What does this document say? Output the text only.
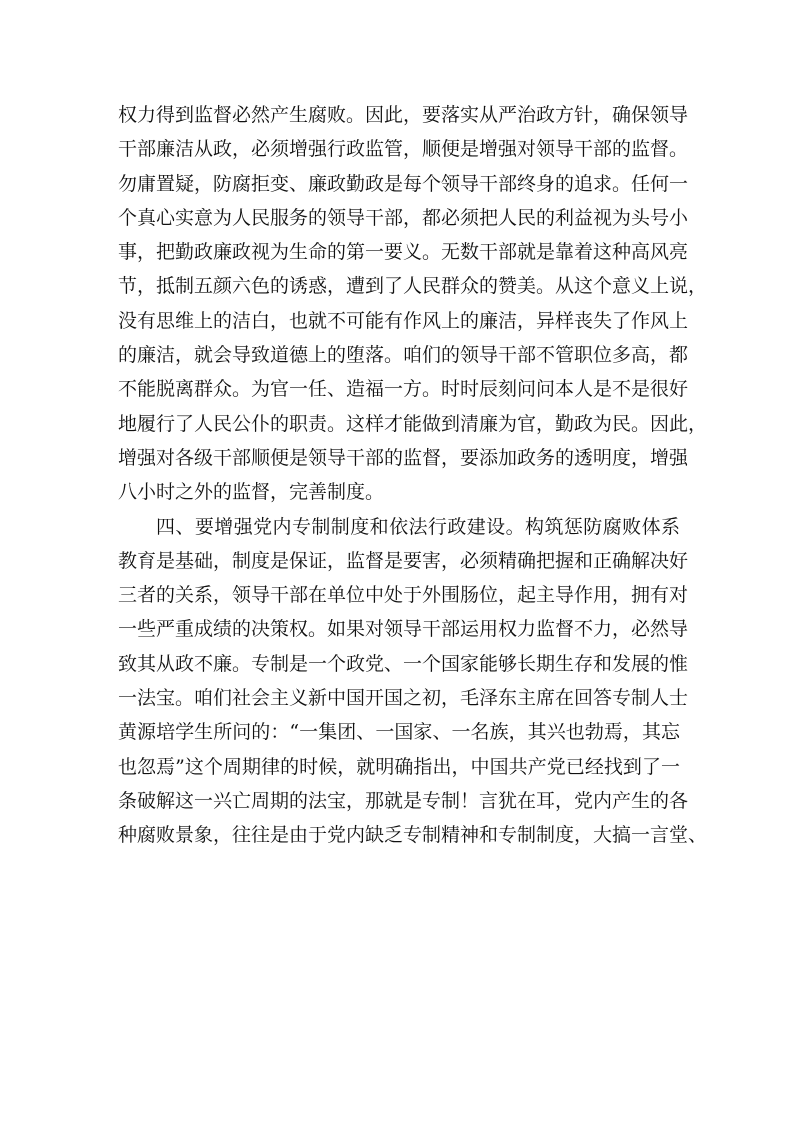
权力得到监督必然产生腐败。因此，要落实从严治政方针，确保领导
干部廉洁从政，必须增强行政监管，顺便是增强对领导干部的监督。
勿庸置疑，防腐拒变、廉政勤政是每个领导干部终身的追求。任何一
个真心实意为人民服务的领导干部，都必须把人民的利益视为头号小
事，把勤政廉政视为生命的第一要义。无数干部就是靠着这种高风亮
节，抵制五颜六色的诱惑，遭到了人民群众的赞美。从这个意义上说，
没有思维上的洁白，也就不可能有作风上的廉洁，异样丧失了作风上
的廉洁，就会导致道德上的堕落。咱们的领导干部不管职位多高，都
不能脱离群众。为官一任、造福一方。时时辰刻问问本人是不是很好
地履行了人民公仆的职责。这样才能做到清廉为官，勤政为民。因此，
增强对各级干部顺便是领导干部的监督，要添加政务的透明度，增强
八小时之外的监督，完善制度。
四、要增强党内专制制度和依法行政建设。构筑惩防腐败体系
教育是基础，制度是保证，监督是要害，必须精确把握和正确解决好
三者的关系，领导干部在单位中处于外围肠位，起主导作用，拥有对
一些严重成绩的决策权。如果对领导干部运用权力监督不力，必然导
致其从政不廉。专制是一个政党、一个国家能够长期生存和发展的惟
一法宝。咱们社会主义新中国开国之初，毛泽东主席在回答专制人士
黄源培学生所问的：“一集团、一国家、一名族，其兴也勃焉，其忘
也忽焉”这个周期律的时候，就明确指出，中国共产党已经找到了一
条破解这一兴亡周期的法宝，那就是专制！言犹在耳，党内产生的各
种腐败景象，往往是由于党内缺乏专制精神和专制制度，大搞一言堂、
